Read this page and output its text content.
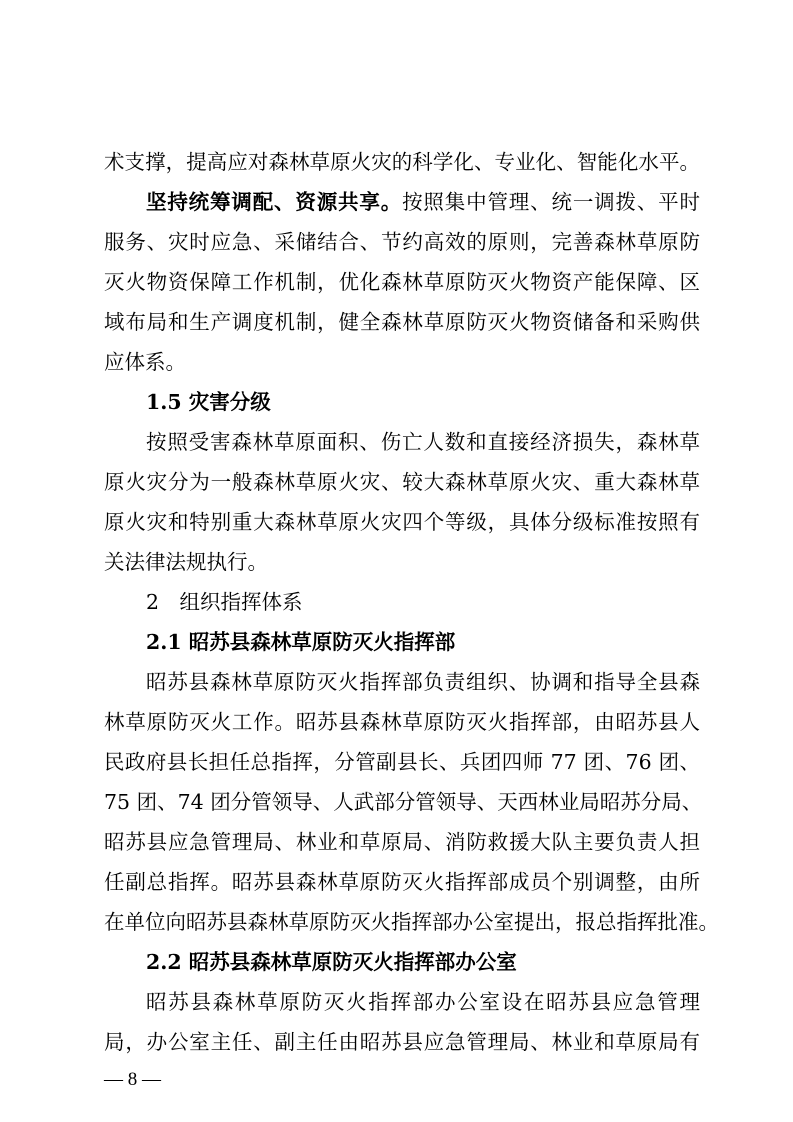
术支撑，提高应对森林草原火灾的科学化、专业化、智能化水平。
坚持统筹调配、资源共享。按照集中管理、统一调拨、平时
服务、灾时应急、采储结合、节约高效的原则，完善森林草原防
灭火物资保障工作机制，优化森林草原防灭火物资产能保障、区
域布局和生产调度机制，健全森林草原防灭火物资储备和采购供
应体系。
1.5 灾害分级
按照受害森林草原面积、伤亡人数和直接经济损失，森林草
原火灾分为一般森林草原火灾、较大森林草原火灾、重大森林草
原火灾和特别重大森林草原火灾四个等级，具体分级标准按照有
关法律法规执行。
2　组织指挥体系
2.1 昭苏县森林草原防灭火指挥部
昭苏县森林草原防灭火指挥部负责组织、协调和指导全县森
林草原防灭火工作。昭苏县森林草原防灭火指挥部，由昭苏县人
民政府县长担任总指挥，分管副县长、兵团四师 77 团、76 团、
75 团、74 团分管领导、人武部分管领导、天西林业局昭苏分局、
昭苏县应急管理局、林业和草原局、消防救援大队主要负责人担
任副总指挥。昭苏县森林草原防灭火指挥部成员个别调整，由所
在单位向昭苏县森林草原防灭火指挥部办公室提出，报总指挥批准。
2.2 昭苏县森林草原防灭火指挥部办公室
昭苏县森林草原防灭火指挥部办公室设在昭苏县应急管理
局，办公室主任、副主任由昭苏县应急管理局、林业和草原局有
— 8 —
